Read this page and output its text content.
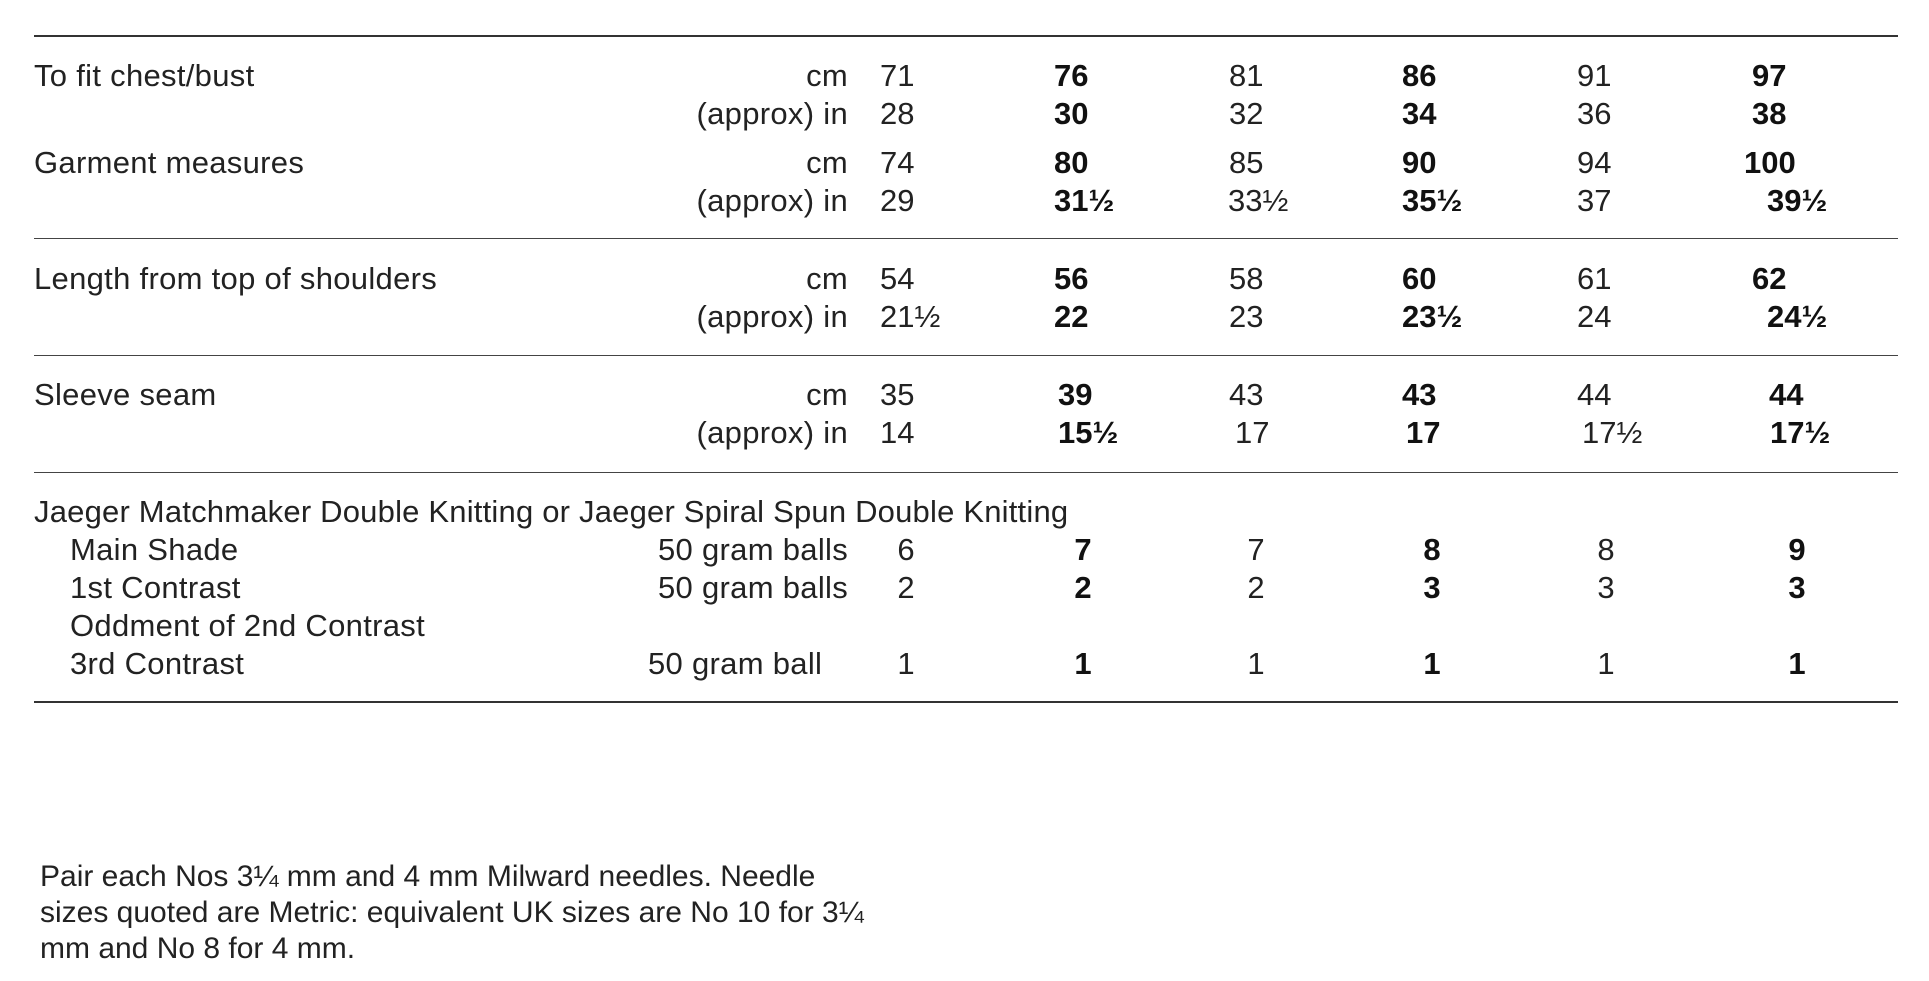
To fit chest/bust	cm 71	76	81	86	91	97
(approx) in 28	30	32	34	36	38
Garment measures	cm 74	80	85	90	94	100
(approx) in 29	31½	33½	35½	37	39½
Length from top of shoulders	cm 54	56	58	60	61	62
(approx) in 21½	22	23	23½	24	24½
Sleeve seam	cm 35	39	43	43	44	44
(approx) in 14	15½	17	17	17½	17½
Jaeger Matchmaker Double Knitting or Jaeger Spiral Spun Double Knitting
Main Shade	50 gram balls	6	7	7	8	8	9
1st Contrast	50 gram balls	2	2	2	3	3	3
Oddment of 2nd Contrast
3rd Contrast	50 gram ball	1	1	1	1	1	1
Pair each Nos 3¼ mm and 4 mm Milward needles. Needle
sizes quoted are Metric: equivalent UK sizes are No 10 for 3¼
mm and No 8 for 4 mm.
